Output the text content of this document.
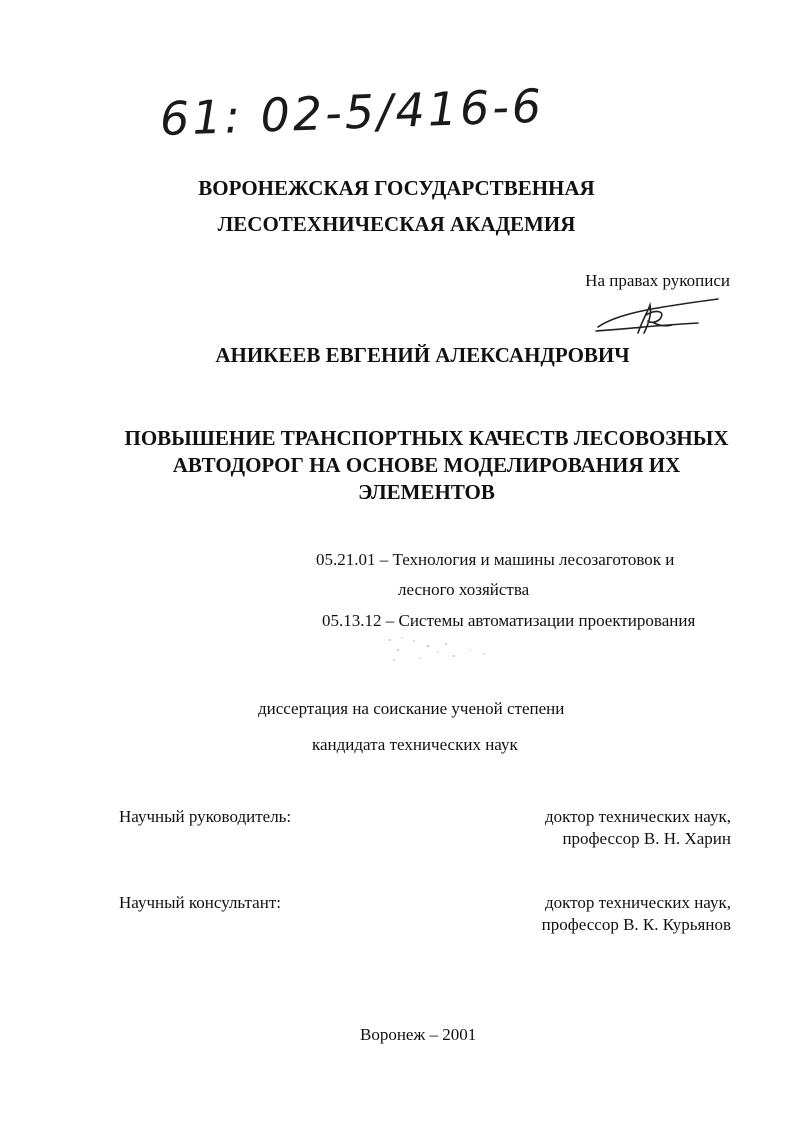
61: 02-5/416-6
ВОРОНЕЖСКАЯ ГОСУДАРСТВЕННАЯ
ЛЕСОТЕХНИЧЕСКАЯ АКАДЕМИЯ
На правах рукописи
АНИКЕЕВ ЕВГЕНИЙ АЛЕКСАНДРОВИЧ
ПОВЫШЕНИЕ ТРАНСПОРТНЫХ КАЧЕСТВ ЛЕСОВОЗНЫХ
АВТОДОРОГ НА ОСНОВЕ МОДЕЛИРОВАНИЯ ИХ
ЭЛЕМЕНТОВ
05.21.01 – Технология и машины лесозаготовок и
лесного хозяйства
05.13.12 – Системы автоматизации проектирования
диссертация на соискание ученой степени
кандидата технических наук
Научный руководитель:	доктор технических наук,
профессор В. Н. Харин
Научный консультант:	доктор технических наук,
профессор В. К. Курьянов
Воронеж – 2001
